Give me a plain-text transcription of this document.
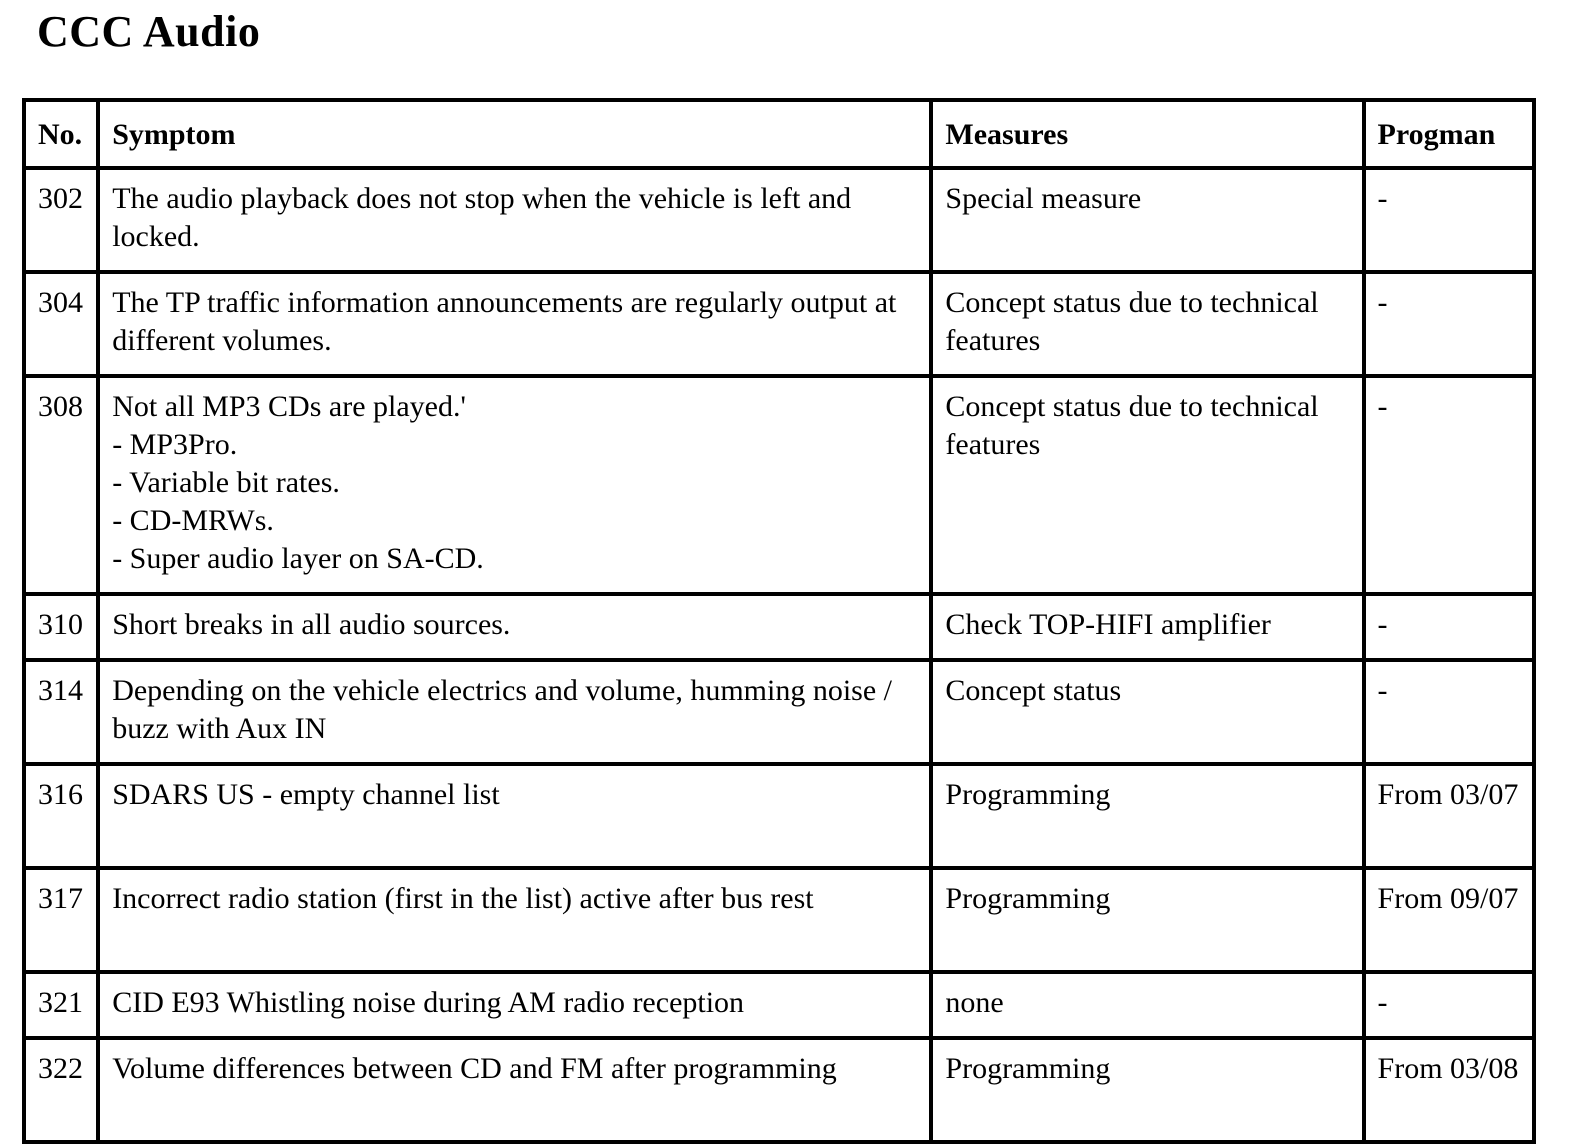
CCC Audio
No.	Symptom	Measures	Progman
302	The audio playback does not stop when the vehicle is left and locked.	Special measure	-
304	The TP traffic information announcements are regularly output at different volumes.	Concept status due to technical features	-
308	Not all MP3 CDs are played.'
- MP3Pro.
- Variable bit rates.
- CD-MRWs.
- Super audio layer on SA-CD.	Concept status due to technical features	-
310	Short breaks in all audio sources.	Check TOP-HIFI amplifier	-
314	Depending on the vehicle electrics and volume, humming noise / buzz with Aux IN	Concept status	-
316	SDARS US - empty channel list	Programming	From 03/07
317	Incorrect radio station (first in the list) active after bus rest	Programming	From 09/07
321	CID E93 Whistling noise during AM radio reception	none	-
322	Volume differences between CD and FM after programming	Programming	From 03/08
